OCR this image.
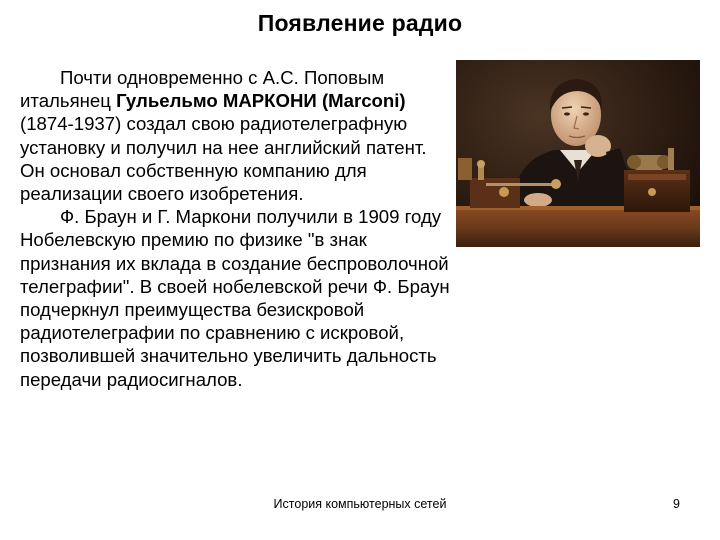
Появление радио

Почти одновременно с А.С. Поповым итальянец Гульельмо МАРКОНИ (Marconi) (1874-1937) создал свою радиотелеграфную установку и получил на нее английский патент. Он основал собственную компанию для реализации своего изобретения.

Ф. Браун и Г. Маркони получили в 1909 году Нобелевскую премию по физике "в знак признания их вклада в создание беспроволочной телеграфии". В своей нобелевской речи Ф. Браун подчеркнул преимущества безискровой радиотелеграфии по сравнению с искровой, позволившей значительно увеличить дальность передачи радиосигналов.

История компьютерных сетей	9
